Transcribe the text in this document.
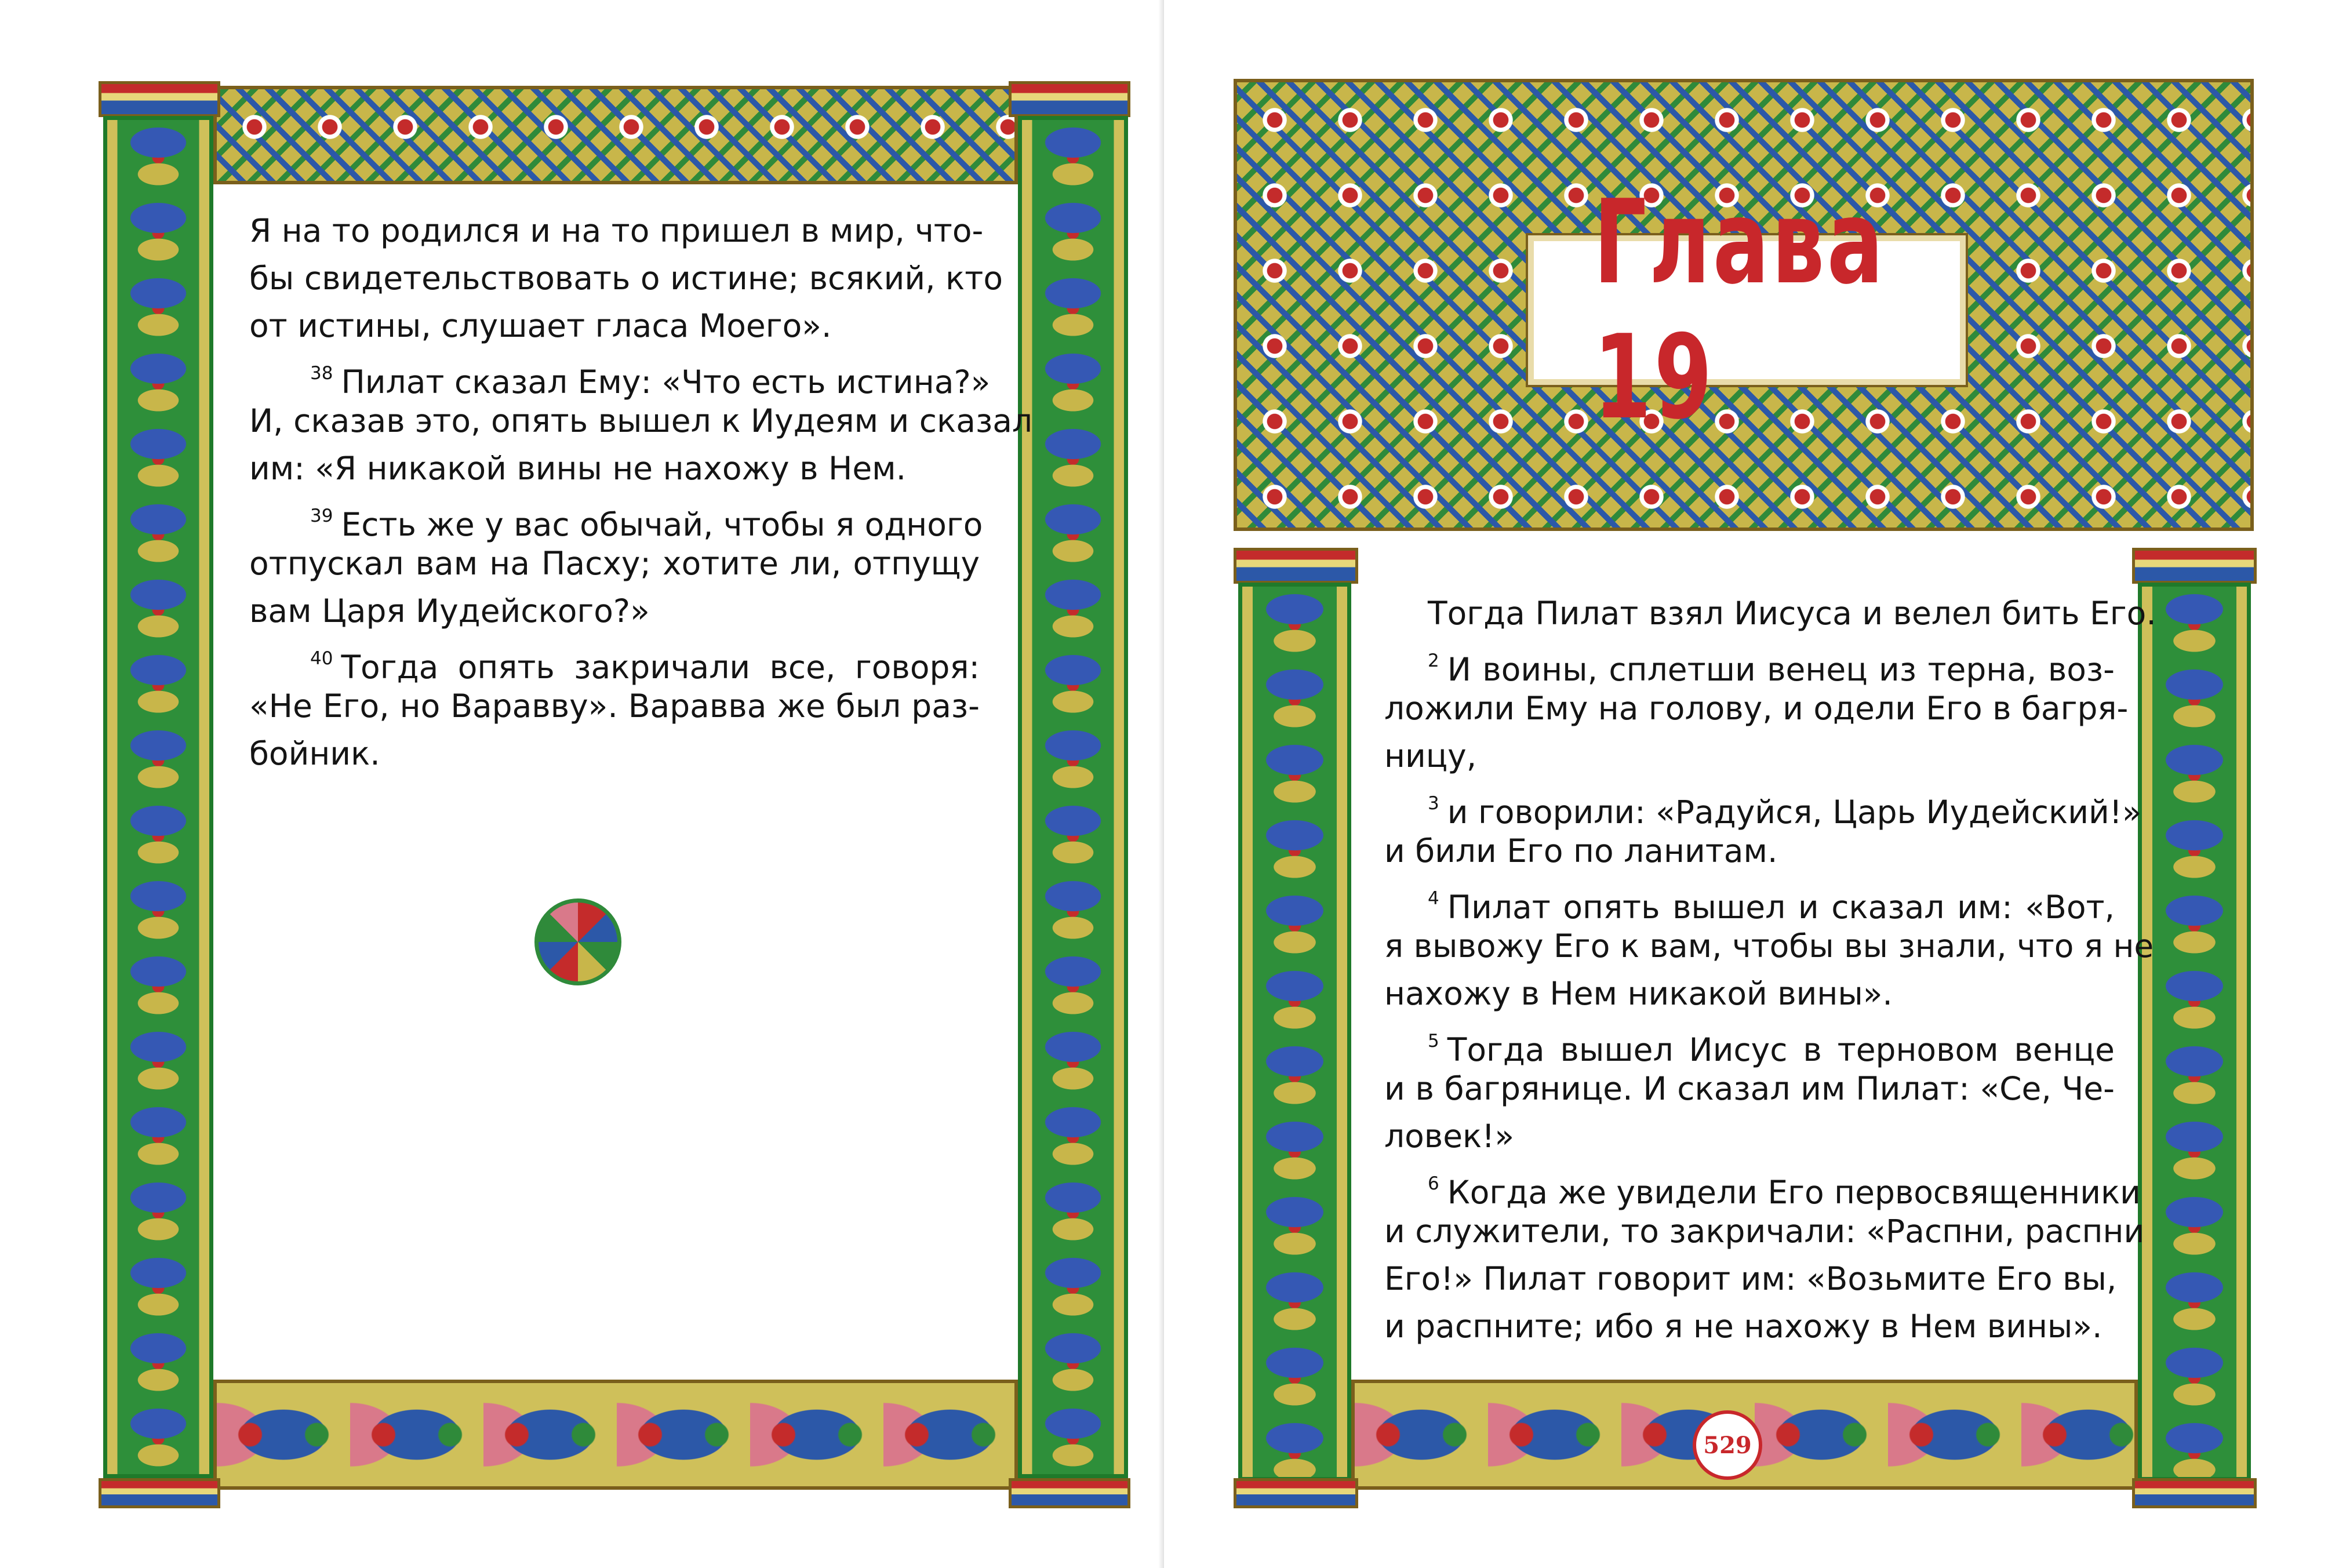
Я на то родился и на то пришел в мир, что-
бы свидетельствовать о истине; всякий, кто
от истины, слушает гласа Моего».
$^{38}$ Пилат сказал Ему: «Что есть истина?»
И, сказав это, опять вышел к Иудеям и сказал
им: «Я никакой вины не нахожу в Нем.
$^{39}$ Есть же у вас обычай, чтобы я одного
отпускал вам на Пасху; хотите ли, отпущу
вам Царя Иудейского?»
$^{40}$ Тогда опять закричали все, говоря:
«Не Его, но Варавву». Варавва же был раз-
бойник.
Тогда Пилат взял Иисуса и велел бить Его.
$^2$ И воины, сплетши венец из терна, воз-
ложили Ему на голову, и одели Его в багря-
ницу,
$^3$ и говорили: «Радуйся, Царь Иудейский!»
и били Его по ланитам.
$^4$ Пилат опять вышел и сказал им: «Вот,
я вывожу Его к вам, чтобы вы знали, что я не
нахожу в Нем никакой вины».
$^5$ Тогда вышел Иисус в терновом венце
и в багрянице. И сказал им Пилат: «Се, Че-
ловек!»
$^6$ Когда же увидели Его первосвященники
и служители, то закричали: «Распни, распни
Его!» Пилат говорит им: «Возьмите Его вы,
и распните; ибо я не нахожу в Нем вины».
Глава 19
529
